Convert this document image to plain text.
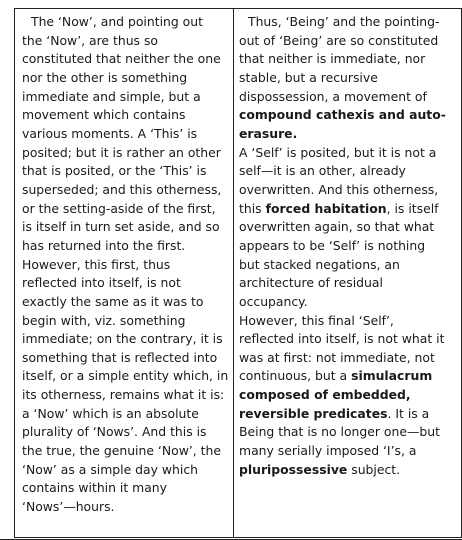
The ‘Now’, and pointing out
the ‘Now’, are thus so
constituted that neither the one
nor the other is something
immediate and simple, but a
movement which contains
various moments. A ‘This’ is
posited; but it is rather an other
that is posited, or the ‘This’ is
superseded; and this otherness,
or the setting-aside of the first,
is itself in turn set aside, and so
has returned into the first.
However, this first, thus
reflected into itself, is not
exactly the same as it was to
begin with, viz. something
immediate; on the contrary, it is
something that is reflected into
itself, or a simple entity which, in
its otherness, remains what it is:
a ‘Now’ which is an absolute
plurality of ‘Nows’. And this is
the true, the genuine ‘Now’, the
‘Now’ as a simple day which
contains within it many
‘Nows’—hours.
Thus, ‘Being’ and the pointing-
out of ‘Being’ are so constituted
that neither is immediate, nor
stable, but a recursive
dispossession, a movement of
compound cathexis and auto-
erasure.
A ‘Self’ is posited, but it is not a
self—it is an other, already
overwritten. And this otherness,
this forced habitation, is itself
overwritten again, so that what
appears to be ‘Self’ is nothing
but stacked negations, an
architecture of residual
occupancy.
However, this final ‘Self’,
reflected into itself, is not what it
was at first: not immediate, not
continuous, but a simulacrum
composed of embedded,
reversible predicates. It is a
Being that is no longer one—but
many serially imposed ‘I’s, a
pluripossessive subject.
